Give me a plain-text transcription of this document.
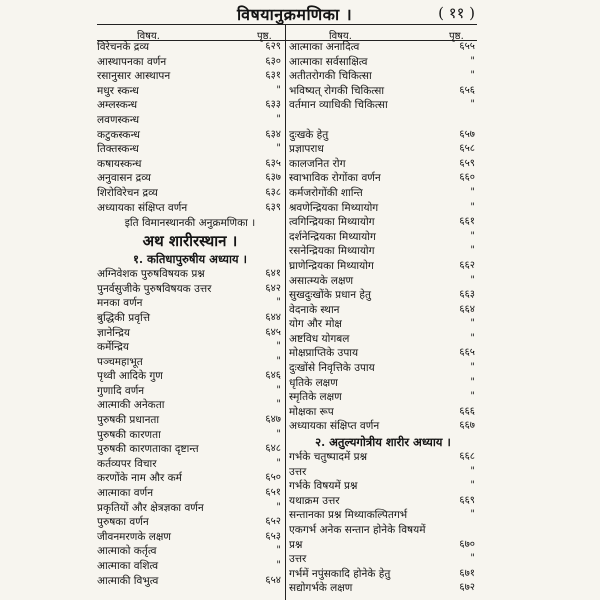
विषयानुक्रमणिका ।	( ११ )
विषय.	पृष्ठ.	विषय.	पृष्ठ.
विरेचनके द्रव्य	६२९
आस्थापनका वर्णन	६३०
रसानुसार आस्थापन	६३१
मधुर स्कन्ध	"
अम्लस्कन्ध	६३३
लवणस्कन्ध	"
कटुकस्कन्ध	६३४
तिक्तस्कन्ध	"
कषायस्कन्ध	६३५
अनुवासन द्रव्य	६३७
शिरोविरेचन द्रव्य	६३८
अध्यायका संक्षिप्त वर्णन	६३९
इति विमानस्थानकी अनुक्रमणिका ।
अथ शारीरस्थान ।
१. कतिधापुरुषीय अध्याय ।
अग्निवेशक पुरुषविषयक प्रश्न	६४१
पुनर्वसुजीके पुरुषविषयक उत्तर	६४२
मनका वर्णन	"
बुद्धिकी प्रवृत्ति	६४४
ज्ञानेन्द्रिय	६४५
कर्मेन्द्रिय	"
पञ्चमहाभूत	"
पृथ्वी आदिके गुण	६४६
गुणादि वर्णन	"
आत्माकी अनेकता	"
पुरुषकी प्रधानता	६४७
पुरुषकी कारणता	"
पुरुषकी कारणताका दृष्टान्त	६४८
कर्तव्यपर विचार	"
करणोंके नाम और कर्म	६५०
आत्माका वर्णन	६५१
प्रकृतियों और क्षेत्रज्ञका वर्णन	"
पुरुषका वर्णन	६५२
जीवनमरणके लक्षण	६५३
आत्माको कर्तृत्व	"
आत्माका वशित्व	"
आत्माकी विभुत्व	६५४
आत्माका अनादित्व	६५५
आत्माका सर्वसाक्षित्व	"
अतीतरोगकी चिकित्सा	"
भविष्यत् रोगकी चिकित्सा	६५६
वर्तमान व्याधिकी चिकित्सा	"
दुःखके हेतु	६५७
प्रज्ञापराध	६५८
कालजनित रोग	६५९
स्वाभाविक रोगोंका वर्णन	६६०
कर्मजरोगोंकी शान्ति	"
श्रवणेन्द्रियका मिथ्यायोग	"
त्वगिन्द्रियका मिथ्यायोग	६६१
दर्शनेन्द्रियका मिथ्यायोग	"
रसनेन्द्रियका मिथ्यायोग	"
घ्राणेन्द्रियका मिथ्यायोग	६६२
असात्म्यके लक्षण	"
सुखदुःखोंके प्रधान हेतु	६६३
वेदनाके स्थान	६६४
योग और मोक्ष	"
अष्टविध योगबल	"
मोक्षप्राप्तिके उपाय	६६५
दुःखोंसे निवृत्तिके उपाय	"
धृतिके लक्षण	"
स्मृतिके लक्षण	"
मोक्षका रूप	६६६
अध्यायका संक्षिप्त वर्णन	६६७
२. अतुल्यगोत्रीय शारीर अध्याय ।
गर्भके चतुष्पादमें प्रश्न	६६८
उत्तर	"
गर्भके विषयमें प्रश्न	"
यथाक्रम उत्तर	६६९
सन्तानका प्रश्न मिथ्याकल्पितगर्भ	"
एकगर्भ अनेक सन्तान होनेके विषयमें
प्रश्न	६७०
उत्तर	"
गर्भमें नपुंसकादि होनेके हेतु	६७१
सद्योगर्भके लक्षण	६७२
